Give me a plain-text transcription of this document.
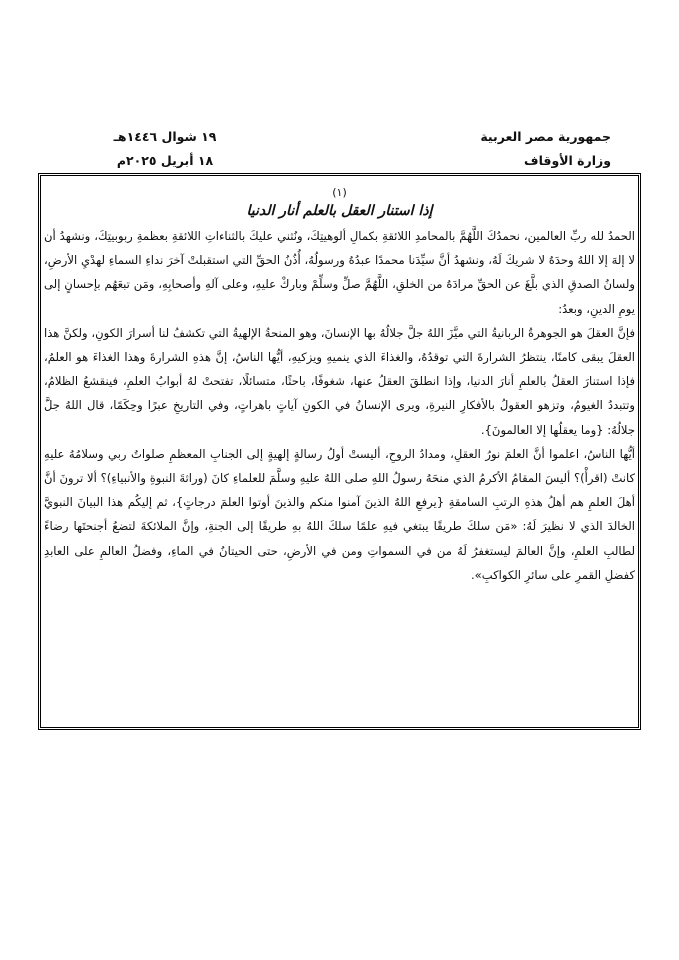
جمهورية مصر العربية
١٩ شوال ١٤٤٦هـ
وزارة الأوقاف
١٨ أبريل ٢٠٢٥م
(١)
إذا استنار العقل بالعلم أنار الدنيا

الحمدُ لله ربِّ العالمين، نحمدُكَ اللَّهُمَّ بالمحامدِ اللائقةِ بكمالِ ألوهيتِكَ، ونُثني عليكَ بالثناءاتِ اللائقةِ بعظمةِ ربوبيتِكَ، ونشهدُ أن لا إلهَ إلا اللهُ وحدَهُ لا شريكَ لَهُ، ونشهدُ أنَّ سيِّدَنا محمدًا عبدُهُ ورسولُهُ، أُذُنُ الحقِّ التي استقبلتْ آخرَ نداءِ السماءِ لهدْيِ الأرضِ، ولسانُ الصدقِ الذي بلَّغَ عن الحقِّ مرادَهُ من الخلقِ، اللَّهُمَّ صلِّ وسلِّمْ وباركْ عليهِ، وعلى آلهِ وأصحابِهِ، ومَن تبعَهُم بإحسانٍ إلى يومِ الدينِ، وبعدُ:

فإنَّ العقلَ هو الجوهرةُ الربانيةُ التي ميَّزَ اللهُ جلَّ جلالُهُ بها الإنسانَ، وهو المنحةُ الإلهيةُ التي تكشفُ لنا أسرارَ الكونِ، ولكنَّ هذا العقلَ يبقى كامنًا، ينتظرُ الشرارةَ التي توقدُهُ، والغذاءَ الذي ينميهِ ويزكيهِ، أيُّها الناسُ، إنَّ هذهِ الشرارةَ وهذا الغذاءَ هو العلمُ، فإذا استنارَ العقلُ بالعلمِ أنارَ الدنيا، وإذا انطلقَ العقلُ عنها، شغوفًا، باحثًا، متسائلًا، تفتحتْ لهُ أبوابُ العلمِ، فينقشعُ الظلامُ، وتتبددُ الغيومُ، وتزهو العقولُ بالأفكارِ النيرةِ، ويرى الإنسانُ في الكونِ آياتٍ باهراتٍ، وفي التاريخِ عبرًا وحِكَمًا، قال اللهُ جلَّ جلالُهُ: {وما يعقلُها إلا العالمونَ}.

أيُّها الناسُ، اعلموا أنَّ العلمَ نورُ العقلِ، ومدادُ الروحِ، أليستْ أولُ رسالةٍ إلهيةٍ إلى الجنابِ المعظمِ صلواتُ ربي وسلامُهُ عليهِ كانتْ (اقرأْ)؟ أليسَ المقامُ الأكرمُ الذي منحَهُ رسولُ اللهِ صلى اللهُ عليهِ وسلَّمَ للعلماءِ كانَ (وراثةَ النبوةِ والأنبياءِ)؟ ألا ترونَ أنَّ أهلَ العلمِ هم أهلُ هذهِ الرتبِ السامقةِ {يرفعِ اللهُ الذينَ آمنوا منكم والذينَ أوتوا العلمَ درجاتٍ}، ثم إليكُم هذا البيانَ النبويَّ الخالدَ الذي لا نظيرَ لَهُ: «مَن سلكَ طريقًا يبتغي فيهِ علمًا سلكَ اللهُ بهِ طريقًا إلى الجنةِ، وإنَّ الملائكةَ لتضعُ أجنحتَها رضاءً لطالبِ العلمِ، وإنَّ العالمَ ليستغفرُ لَهُ من في السمواتِ ومن في الأرضِ، حتى الحيتانُ في الماءِ، وفضلُ العالمِ على العابدِ كفضلِ القمرِ على سائرِ الكواكبِ».
